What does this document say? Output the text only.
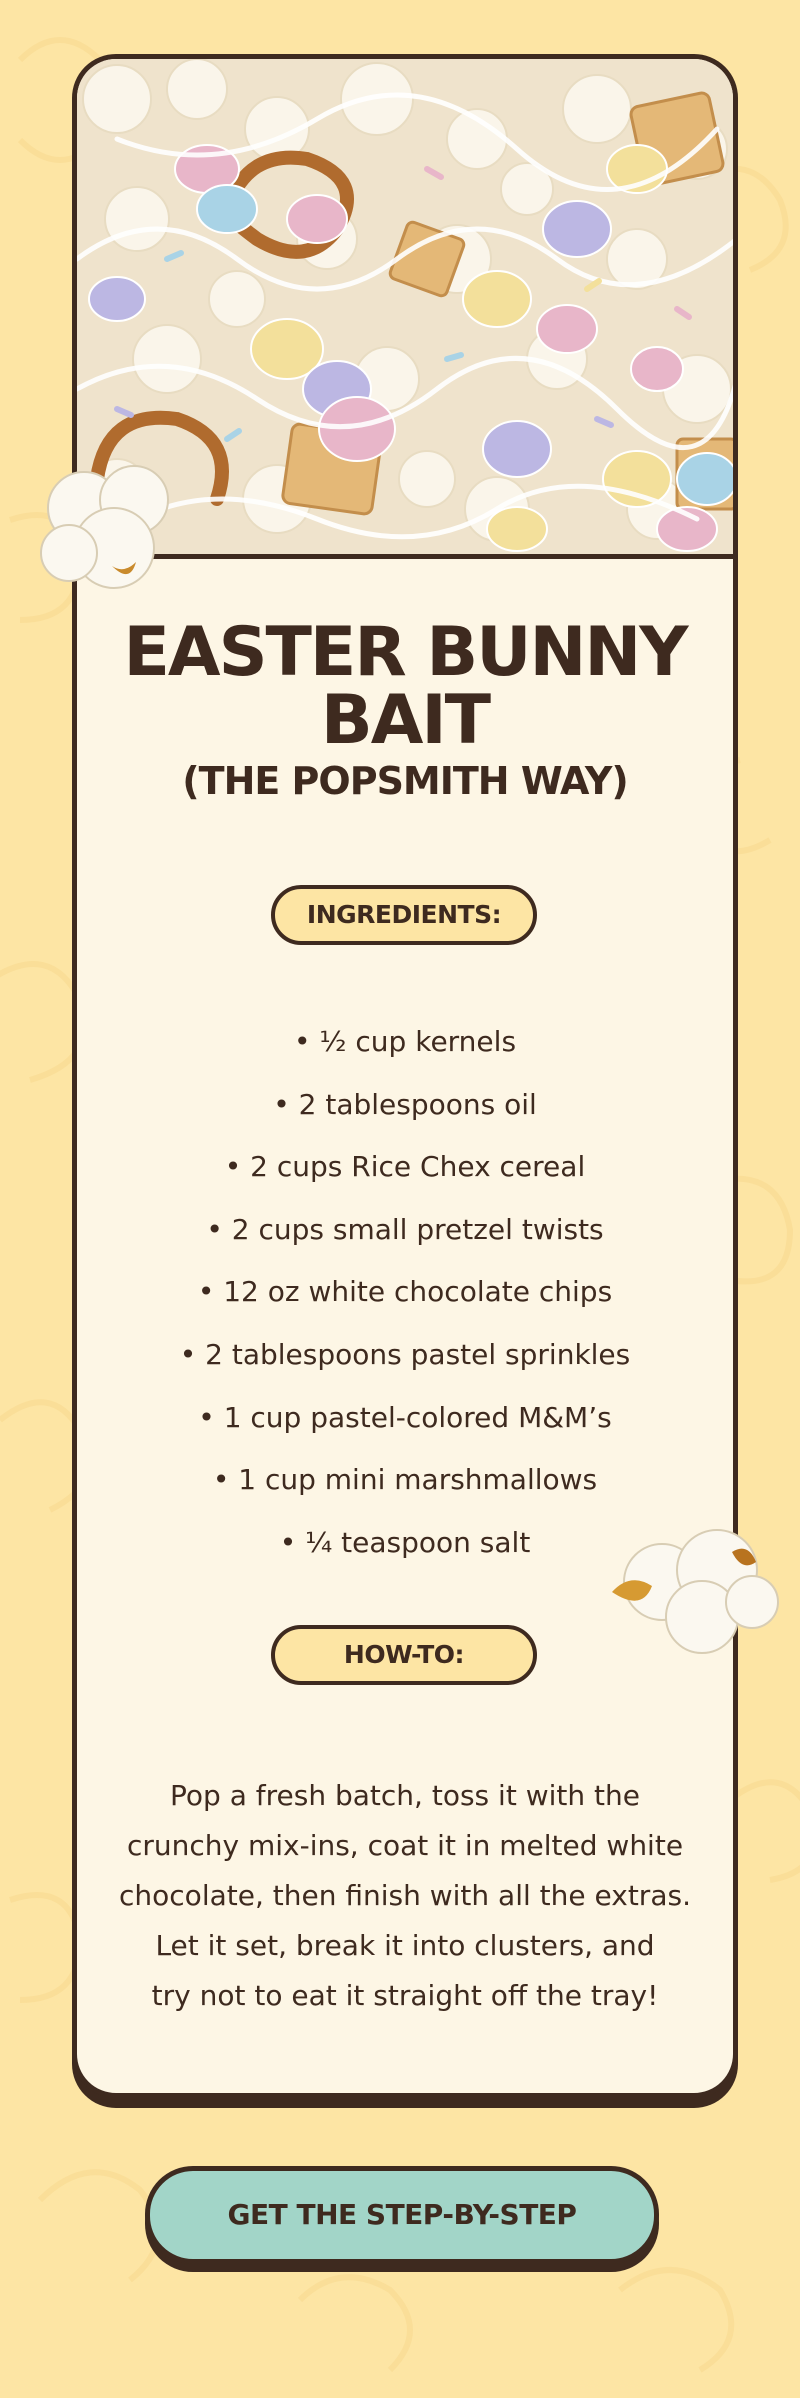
EASTER BUNNY
BAIT
(THE POPSMITH WAY)
INGREDIENTS:
• ½ cup kernels
• 2 tablespoons oil
• 2 cups Rice Chex cereal
• 2 cups small pretzel twists
• 12 oz white chocolate chips
• 2 tablespoons pastel sprinkles
• 1 cup pastel-colored M&M’s
• 1 cup mini marshmallows
• ¼ teaspoon salt
HOW-TO:
Pop a fresh batch, toss it with the
crunchy mix-ins, coat it in melted white
chocolate, then finish with all the extras.
Let it set, break it into clusters, and
try not to eat it straight off the tray!
GET THE STEP-BY-STEP
